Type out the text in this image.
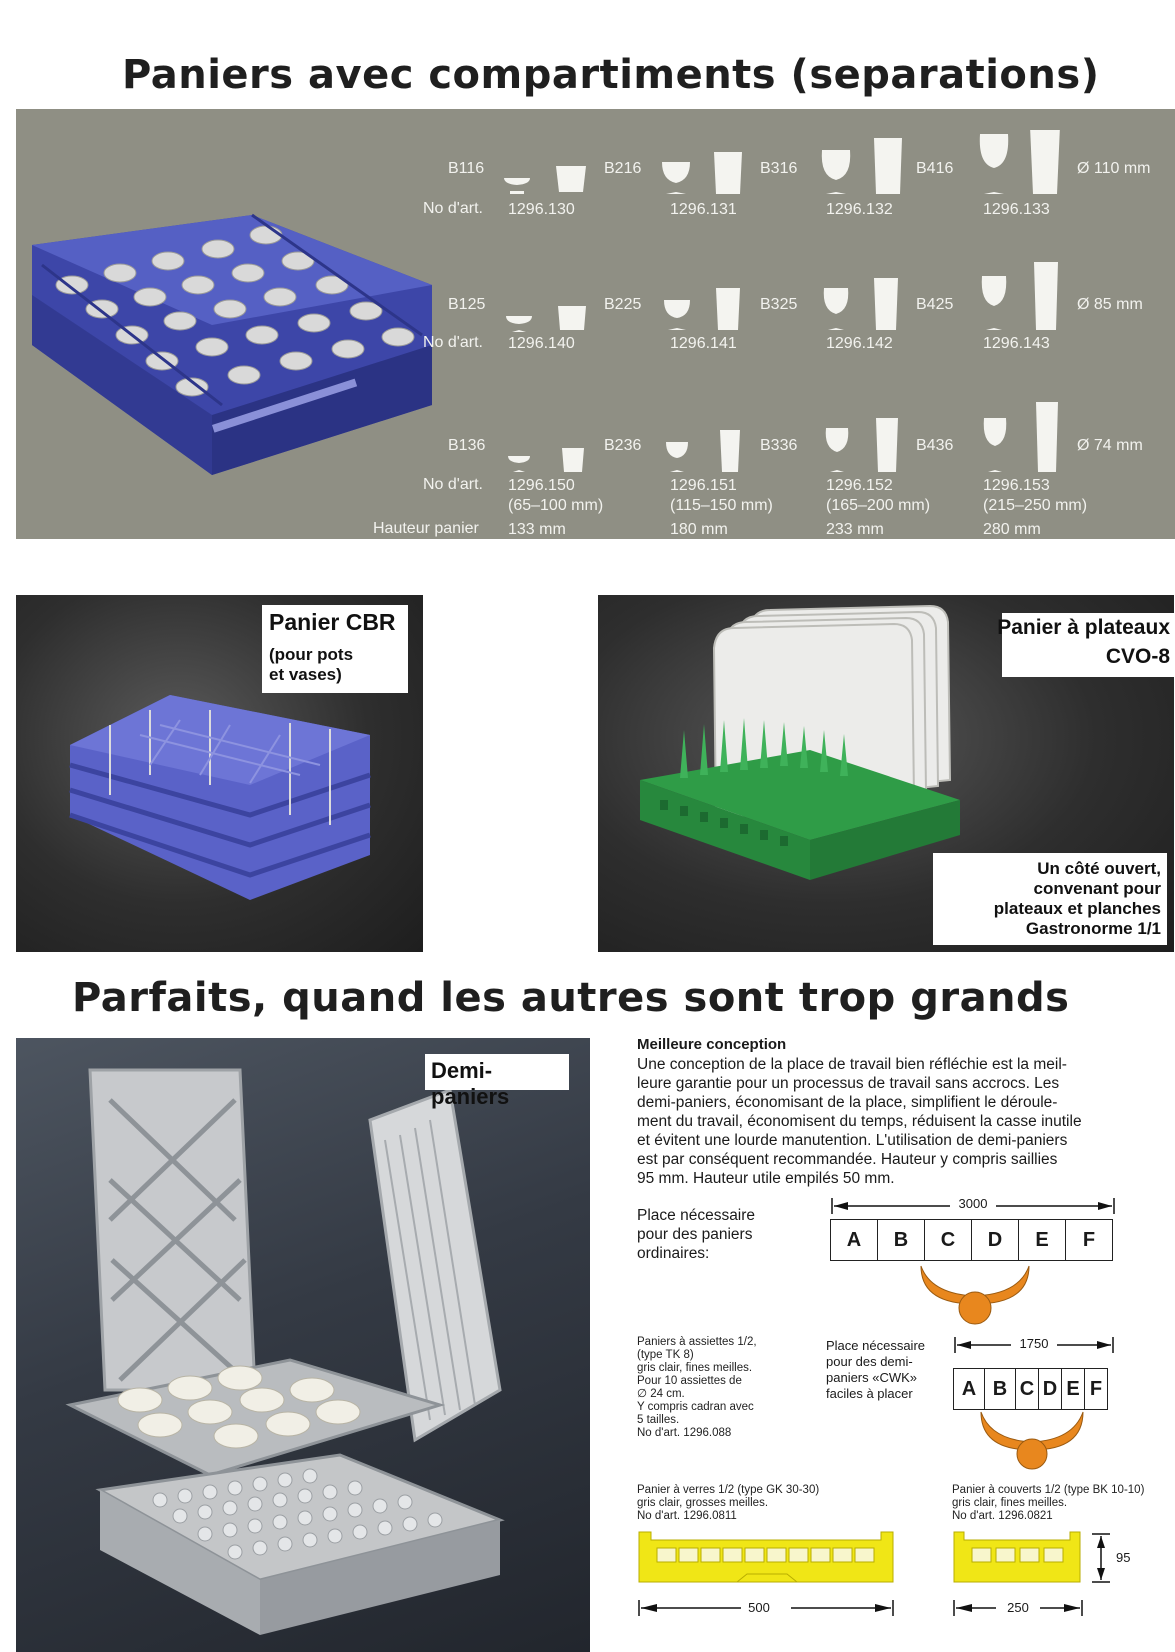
Paniers avec compartiments (separations)
B116	B216	B316	B416	Ø 110 mm
No d'art. 1296.130	1296.131	1296.132	1296.133
B125	B225	B325	B425	Ø 85 mm
No d'art. 1296.140	1296.141	1296.142	1296.143
B136	B236	B336	B436	Ø 74 mm
No d'art. 1296.150	1296.151	1296.152	1296.153
(65–100 mm)	(115–150 mm)	(165–200 mm)	(215–250 mm)
Hauteur panier 133 mm	180 mm	233 mm	280 mm
Panier CBR
(pour pots
et vases)
Panier à plateaux
CVO-8
Un côté ouvert,
convenant pour
plateaux et planches
Gastronorme 1/1
Parfaits, quand les autres sont trop grands
Demi-paniers
Meilleure conception
Une conception de la place de travail bien réfléchie est la meil-
leure garantie pour un processus de travail sans accrocs. Les
demi-paniers, économisant de la place, simplifient le déroule-
ment du travail, économisent du temps, réduisent la casse inutile
et évitent une lourde manutention. L'utilisation de demi-paniers
est par conséquent recommandée. Hauteur y compris saillies
95 mm. Hauteur utile empilés 50 mm.
Place nécessaire
pour des paniers
ordinaires:
3000
A	B	C	D	E	F
Paniers à assiettes 1/2,
(type TK 8)
gris clair, fines meilles.
Pour 10 assiettes de
∅ 24 cm.
Y compris cadran avec
5 tailles.
No d'art. 1296.088
Place nécessaire
pour des demi-
paniers «CWK»
faciles à placer
1750
A B C D E F
Panier à verres 1/2 (type GK 30-30)
gris clair, grosses meilles.
No d'art. 1296.0811
500
Panier à couverts 1/2 (type BK 10-10)
gris clair, fines meilles.
No d'art. 1296.0821
95
250
